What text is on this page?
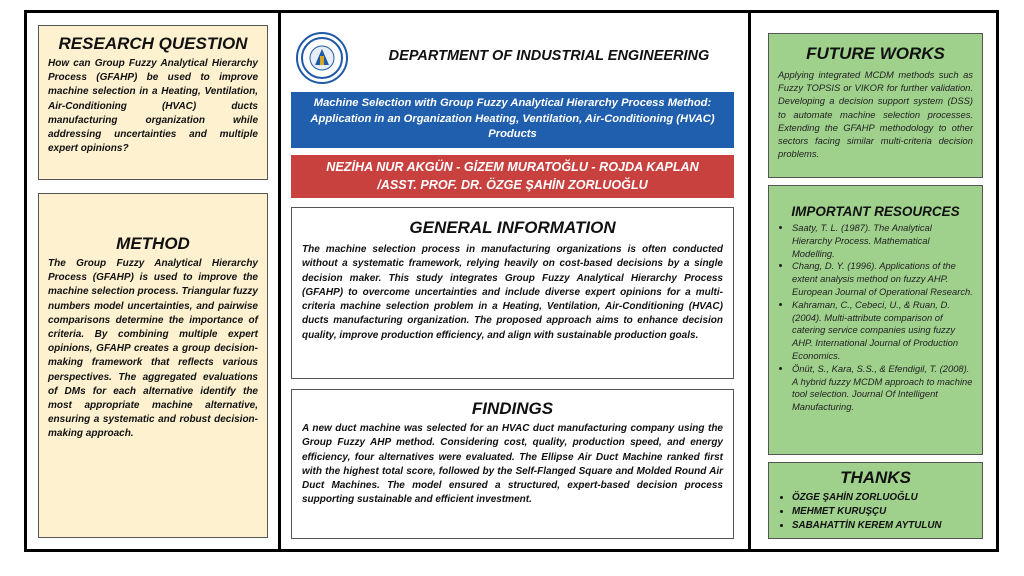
RESEARCH QUESTION

How can Group Fuzzy Analytical Hierarchy Process (GFAHP) be used to improve machine selection in a Heating, Ventilation, Air-Conditioning (HVAC) ducts manufacturing organization while addressing uncertainties and multiple expert opinions?

METHOD

The Group Fuzzy Analytical Hierarchy Process (GFAHP) is used to improve the machine selection process. Triangular fuzzy numbers model uncertainties, and pairwise comparisons determine the importance of criteria. By combining multiple expert opinions, GFAHP creates a group decision-making framework that reflects various perspectives. The aggregated evaluations of DMs for each alternative identify the most appropriate machine alternative, ensuring a systematic and robust decision-making approach.

DEPARTMENT OF INDUSTRIAL ENGINEERING
Machine Selection with Group Fuzzy Analytical Hierarchy Process Method: Application in an Organization Heating, Ventilation, Air-Conditioning (HVAC) Products
NEZİHA NUR AKGÜN - GİZEM MURATOĞLU - ROJDA KAPLAN
/ASST. PROF. DR. ÖZGE ŞAHİN ZORLUOĞLU
GENERAL INFORMATION

The machine selection process in manufacturing organizations is often conducted without a systematic framework, relying heavily on cost-based decisions by a single decision maker. This study integrates Group Fuzzy Analytical Hierarchy Process (GFAHP) to overcome uncertainties and include diverse expert opinions for a multi-criteria machine selection problem in a Heating, Ventilation, Air-Conditioning (HVAC) ducts manufacturing organization. The proposed approach aims to enhance decision quality, improve production efficiency, and align with sustainable production goals.

FINDINGS

A new duct machine was selected for an HVAC duct manufacturing company using the Group Fuzzy AHP method. Considering cost, quality, production speed, and energy efficiency, four alternatives were evaluated. The Ellipse Air Duct Machine ranked first with the highest total score, followed by the Self-Flanged Square and Molded Round Air Duct Machines. The model ensured a structured, expert-based decision process supporting sustainable and efficient investment.

FUTURE WORKS

Applying integrated MCDM methods such as Fuzzy TOPSIS or VIKOR for further validation. Developing a decision support system (DSS) to automate machine selection processes. Extending the GFAHP methodology to other sectors facing similar multi-criteria decision problems.

IMPORTANT RESOURCES
• Saaty, T. L. (1987). The Analytical Hierarchy Process. Mathematical Modelling.
• Chang, D. Y. (1996). Applications of the extent analysis method on fuzzy AHP. European Journal of Operational Research.
• Kahraman, C., Cebeci, U., & Ruan, D. (2004). Multi-attribute comparison of catering service companies using fuzzy AHP. International Journal of Production Economics.
• Önüt, S., Kara, S.S., & Efendigil, T. (2008). A hybrid fuzzy MCDM approach to machine tool selection. Journal Of Intelligent Manufacturing.
THANKS
• ÖZGE ŞAHİN ZORLUOĞLU
• MEHMET KURUŞÇU
• SABAHATTİN KEREM AYTULUN
